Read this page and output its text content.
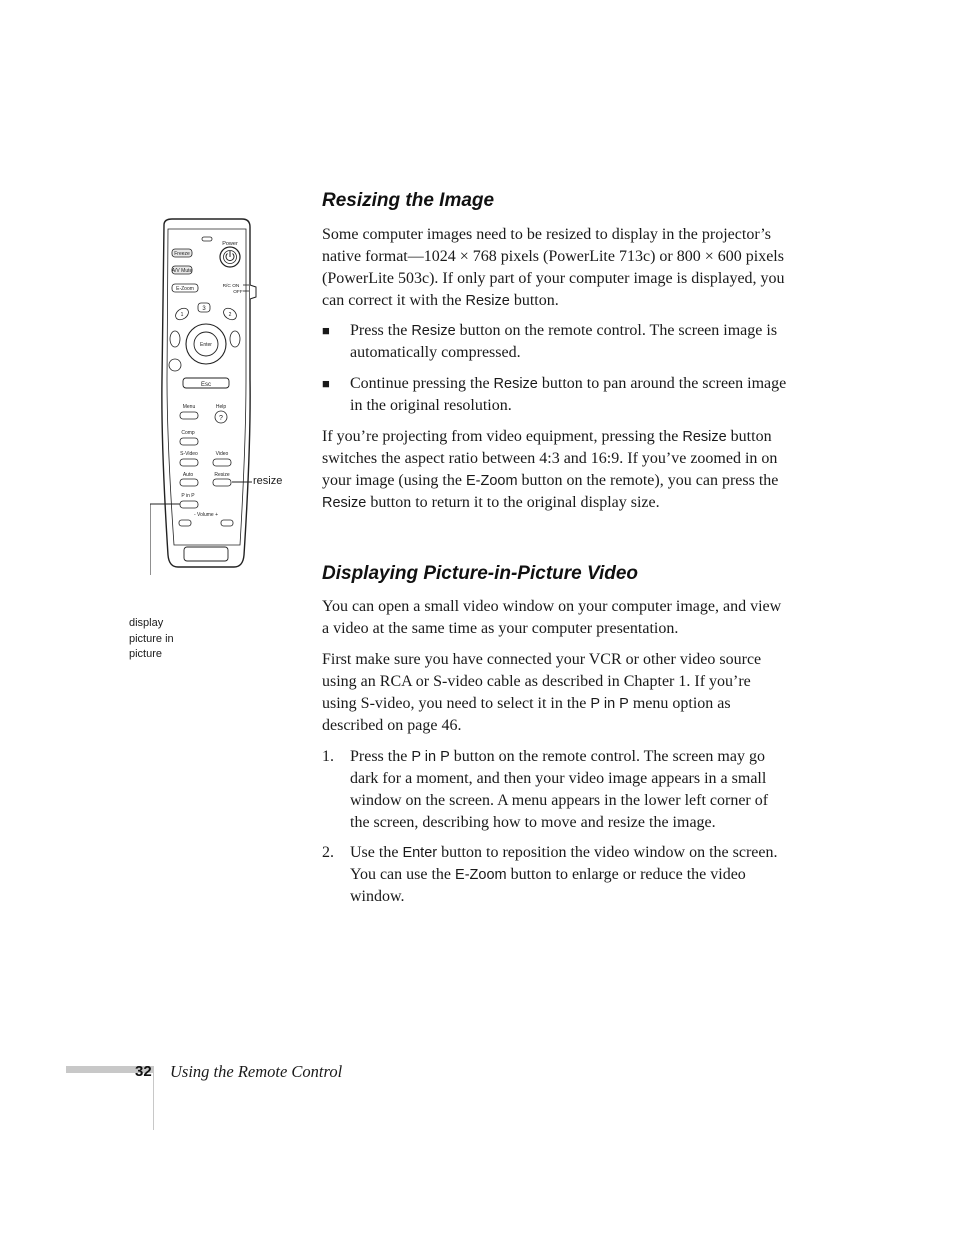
Power
Freeze
A/V Mute
E-Zoom	R/C ON
OFF
3
1	2
Enter
Esc
Menu	Help
?
Comp
S-Video	Video
Auto	Resize
P in P
- Volume +
resize
display
picture in
picture
Resizing the Image

Some computer images need to be resized to display in the projector’s native format—1024 × 768 pixels (PowerLite 713c) or 800 × 600 pixels (PowerLite 503c). If only part of your computer image is displayed, you can correct it with the Resize button.

■	Press the Resize button on the remote control. The screen image is automatically compressed.
■	Continue pressing the Resize button to pan around the screen image in the original resolution.

If you’re projecting from video equipment, pressing the Resize button switches the aspect ratio between 4:3 and 16:9. If you’ve zoomed in on your image (using the E-Zoom button on the remote), you can press the Resize button to return it to the original display size.

Displaying Picture-in-Picture Video

You can open a small video window on your computer image, and view a video at the same time as your computer presentation.

First make sure you have connected your VCR or other video source using an RCA or S-video cable as described in Chapter 1. If you’re using S-video, you need to select it in the P in P menu option as described on page 46.

1.	Press the P in P button on the remote control. The screen may go dark for a moment, and then your video image appears in a small window on the screen. A menu appears in the lower left corner of the screen, describing how to move and resize the image.
2.	Use the Enter button to reposition the video window on the screen. You can use the E-Zoom button to enlarge or reduce the video window.
32 Using the Remote Control
